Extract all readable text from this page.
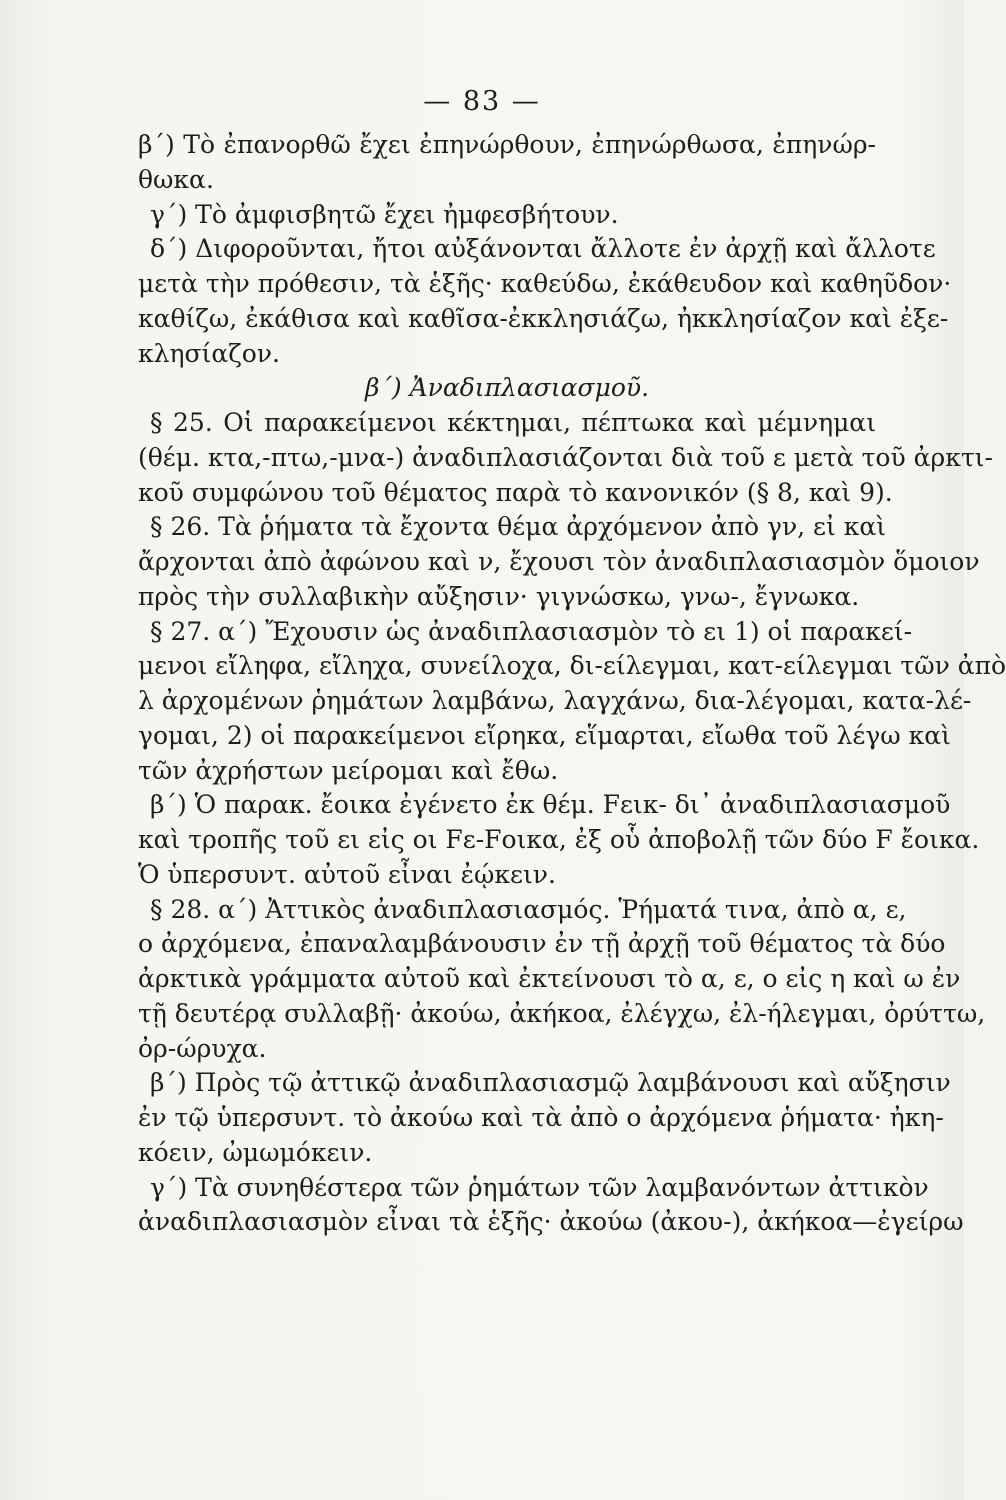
— 83 —
β΄) Τὸ ἐπανορθῶ ἔχει ἐπηνώρθουν, ἐπηνώρθωσα, ἐπηνώρ-
θωκα.
γ΄) Τὸ ἀμφισβητῶ ἔχει ἠμφεσβήτουν.
δ΄) Διφοροῦνται, ἤτοι αὐξάνονται ἄλλοτε ἐν ἀρχῇ καὶ ἄλλοτε
μετὰ τὴν πρόθεσιν, τὰ ἑξῆς· καθεύδω, ἐκάθευδον καὶ καθηῦδον·
καθίζω, ἐκάθισα καὶ καθῖσα-ἐκκλησιάζω, ἠκκλησίαζον καὶ ἐξε-
κλησίαζον.
β΄) Ἀναδιπλασιασμοῦ.
§ 25. Οἱ παρακείμενοι κέκτημαι, πέπτωκα καὶ μέμνημαι
(θέμ. κτα,-πτω,-μνα-) ἀναδιπλασιάζονται διὰ τοῦ ε μετὰ τοῦ ἀρκτι-
κοῦ συμφώνου τοῦ θέματος παρὰ τὸ κανονικόν (§ 8, καὶ 9).
§ 26. Τὰ ῥήματα τὰ ἔχοντα θέμα ἀρχόμενον ἀπὸ γν, εἰ καὶ
ἄρχονται ἀπὸ ἀφώνου καὶ ν, ἔχουσι τὸν ἀναδιπλασιασμὸν ὅμοιον
πρὸς τὴν συλλαβικὴν αὔξησιν· γιγνώσκω, γνω-, ἔγνωκα.
§ 27. α΄) Ἔχουσιν ὡς ἀναδιπλασιασμὸν τὸ ει 1) οἱ παρακεί-
μενοι εἴληφα, εἴληχα, συνείλοχα, δι-είλεγμαι, κατ-είλεγμαι τῶν ἀπὸ
λ ἀρχομένων ῥημάτων λαμβάνω, λαγχάνω, δια-λέγομαι, κατα-λέ-
γομαι, 2) οἱ παρακείμενοι εἴρηκα, εἵμαρται, εἴωθα τοῦ λέγω καὶ
τῶν ἀχρήστων μείρομαι καὶ ἔθω.
β΄) Ὁ παρακ. ἔοικα ἐγένετο ἐκ θέμ. Fεικ- δι᾽ ἀναδιπλασιασμοῦ
καὶ τροπῆς τοῦ ει εἰς οι Fε-Fοικα, ἐξ οὗ ἀποβολῇ τῶν δύο F ἔοικα.
Ὁ ὑπερσυντ. αὐτοῦ εἶναι ἐῴκειν.
§ 28. α΄) Ἀττικὸς ἀναδιπλασιασμός. Ῥήματά τινα, ἀπὸ α, ε,
ο ἀρχόμενα, ἐπαναλαμβάνουσιν ἐν τῇ ἀρχῇ τοῦ θέματος τὰ δύο
ἀρκτικὰ γράμματα αὐτοῦ καὶ ἐκτείνουσι τὸ α, ε, ο εἰς η καὶ ω ἐν
τῇ δευτέρᾳ συλλαβῇ· ἀκούω, ἀκήκοα, ἐλέγχω, ἐλ-ήλεγμαι, ὀρύττω,
ὀρ-ώρυχα.
β΄) Πρὸς τῷ ἀττικῷ ἀναδιπλασιασμῷ λαμβάνουσι καὶ αὔξησιν
ἐν τῷ ὑπερσυντ. τὸ ἀκούω καὶ τὰ ἀπὸ ο ἀρχόμενα ῥήματα· ἠκη-
κόειν, ὠμωμόκειν.
γ΄) Τὰ συνηθέστερα τῶν ῥημάτων τῶν λαμβανόντων ἀττικὸν
ἀναδιπλασιασμὸν εἶναι τὰ ἑξῆς· ἀκούω (ἀκου-), ἀκήκοα—ἐγείρω
